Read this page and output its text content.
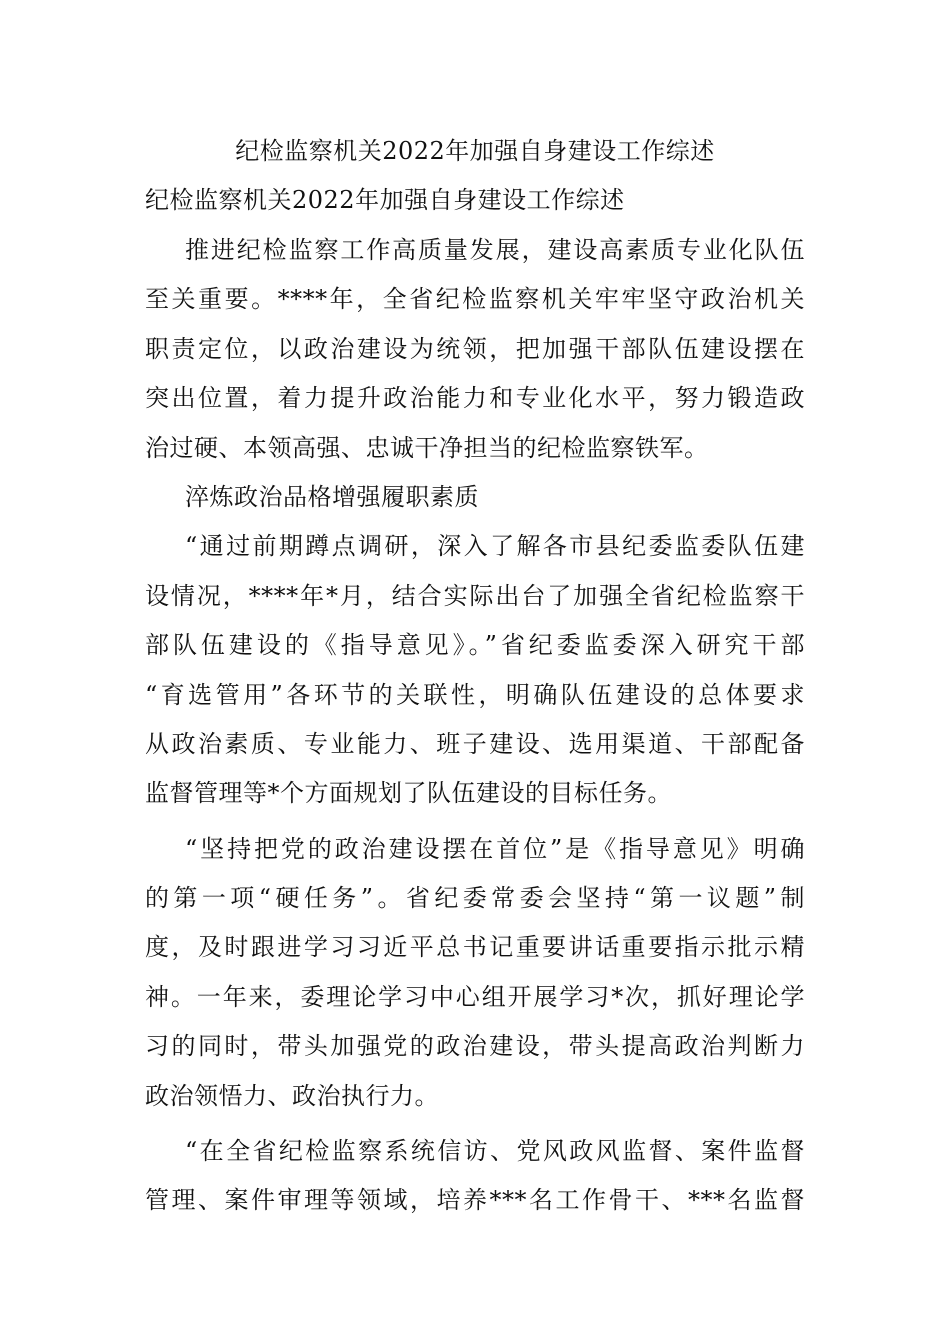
纪检监察机关2022年加强自身建设工作综述
纪检监察机关2022年加强自身建设工作综述
推进纪检监察工作高质量发展，建设高素质专业化队伍
至关重要。****年，全省纪检监察机关牢牢坚守政治机关
职责定位，以政治建设为统领，把加强干部队伍建设摆在
突出位置，着力提升政治能力和专业化水平，努力锻造政
治过硬、本领高强、忠诚干净担当的纪检监察铁军。
淬炼政治品格增强履职素质
“通过前期蹲点调研，深入了解各市县纪委监委队伍建
设情况，****年*月，结合实际出台了加强全省纪检监察干
部队伍建设的《指导意见》。”省纪委监委深入研究干部
“育选管用”各环节的关联性，明确队伍建设的总体要求
从政治素质、专业能力、班子建设、选用渠道、干部配备
监督管理等*个方面规划了队伍建设的目标任务。
“坚持把党的政治建设摆在首位”是《指导意见》明确
的第一项“硬任务”。省纪委常委会坚持“第一议题”制
度，及时跟进学习习近平总书记重要讲话重要指示批示精
神。一年来，委理论学习中心组开展学习*次，抓好理论学
习的同时，带头加强党的政治建设，带头提高政治判断力
政治领悟力、政治执行力。
“在全省纪检监察系统信访、党风政风监督、案件监督
管理、案件审理等领域，培养***名工作骨干、***名监督
